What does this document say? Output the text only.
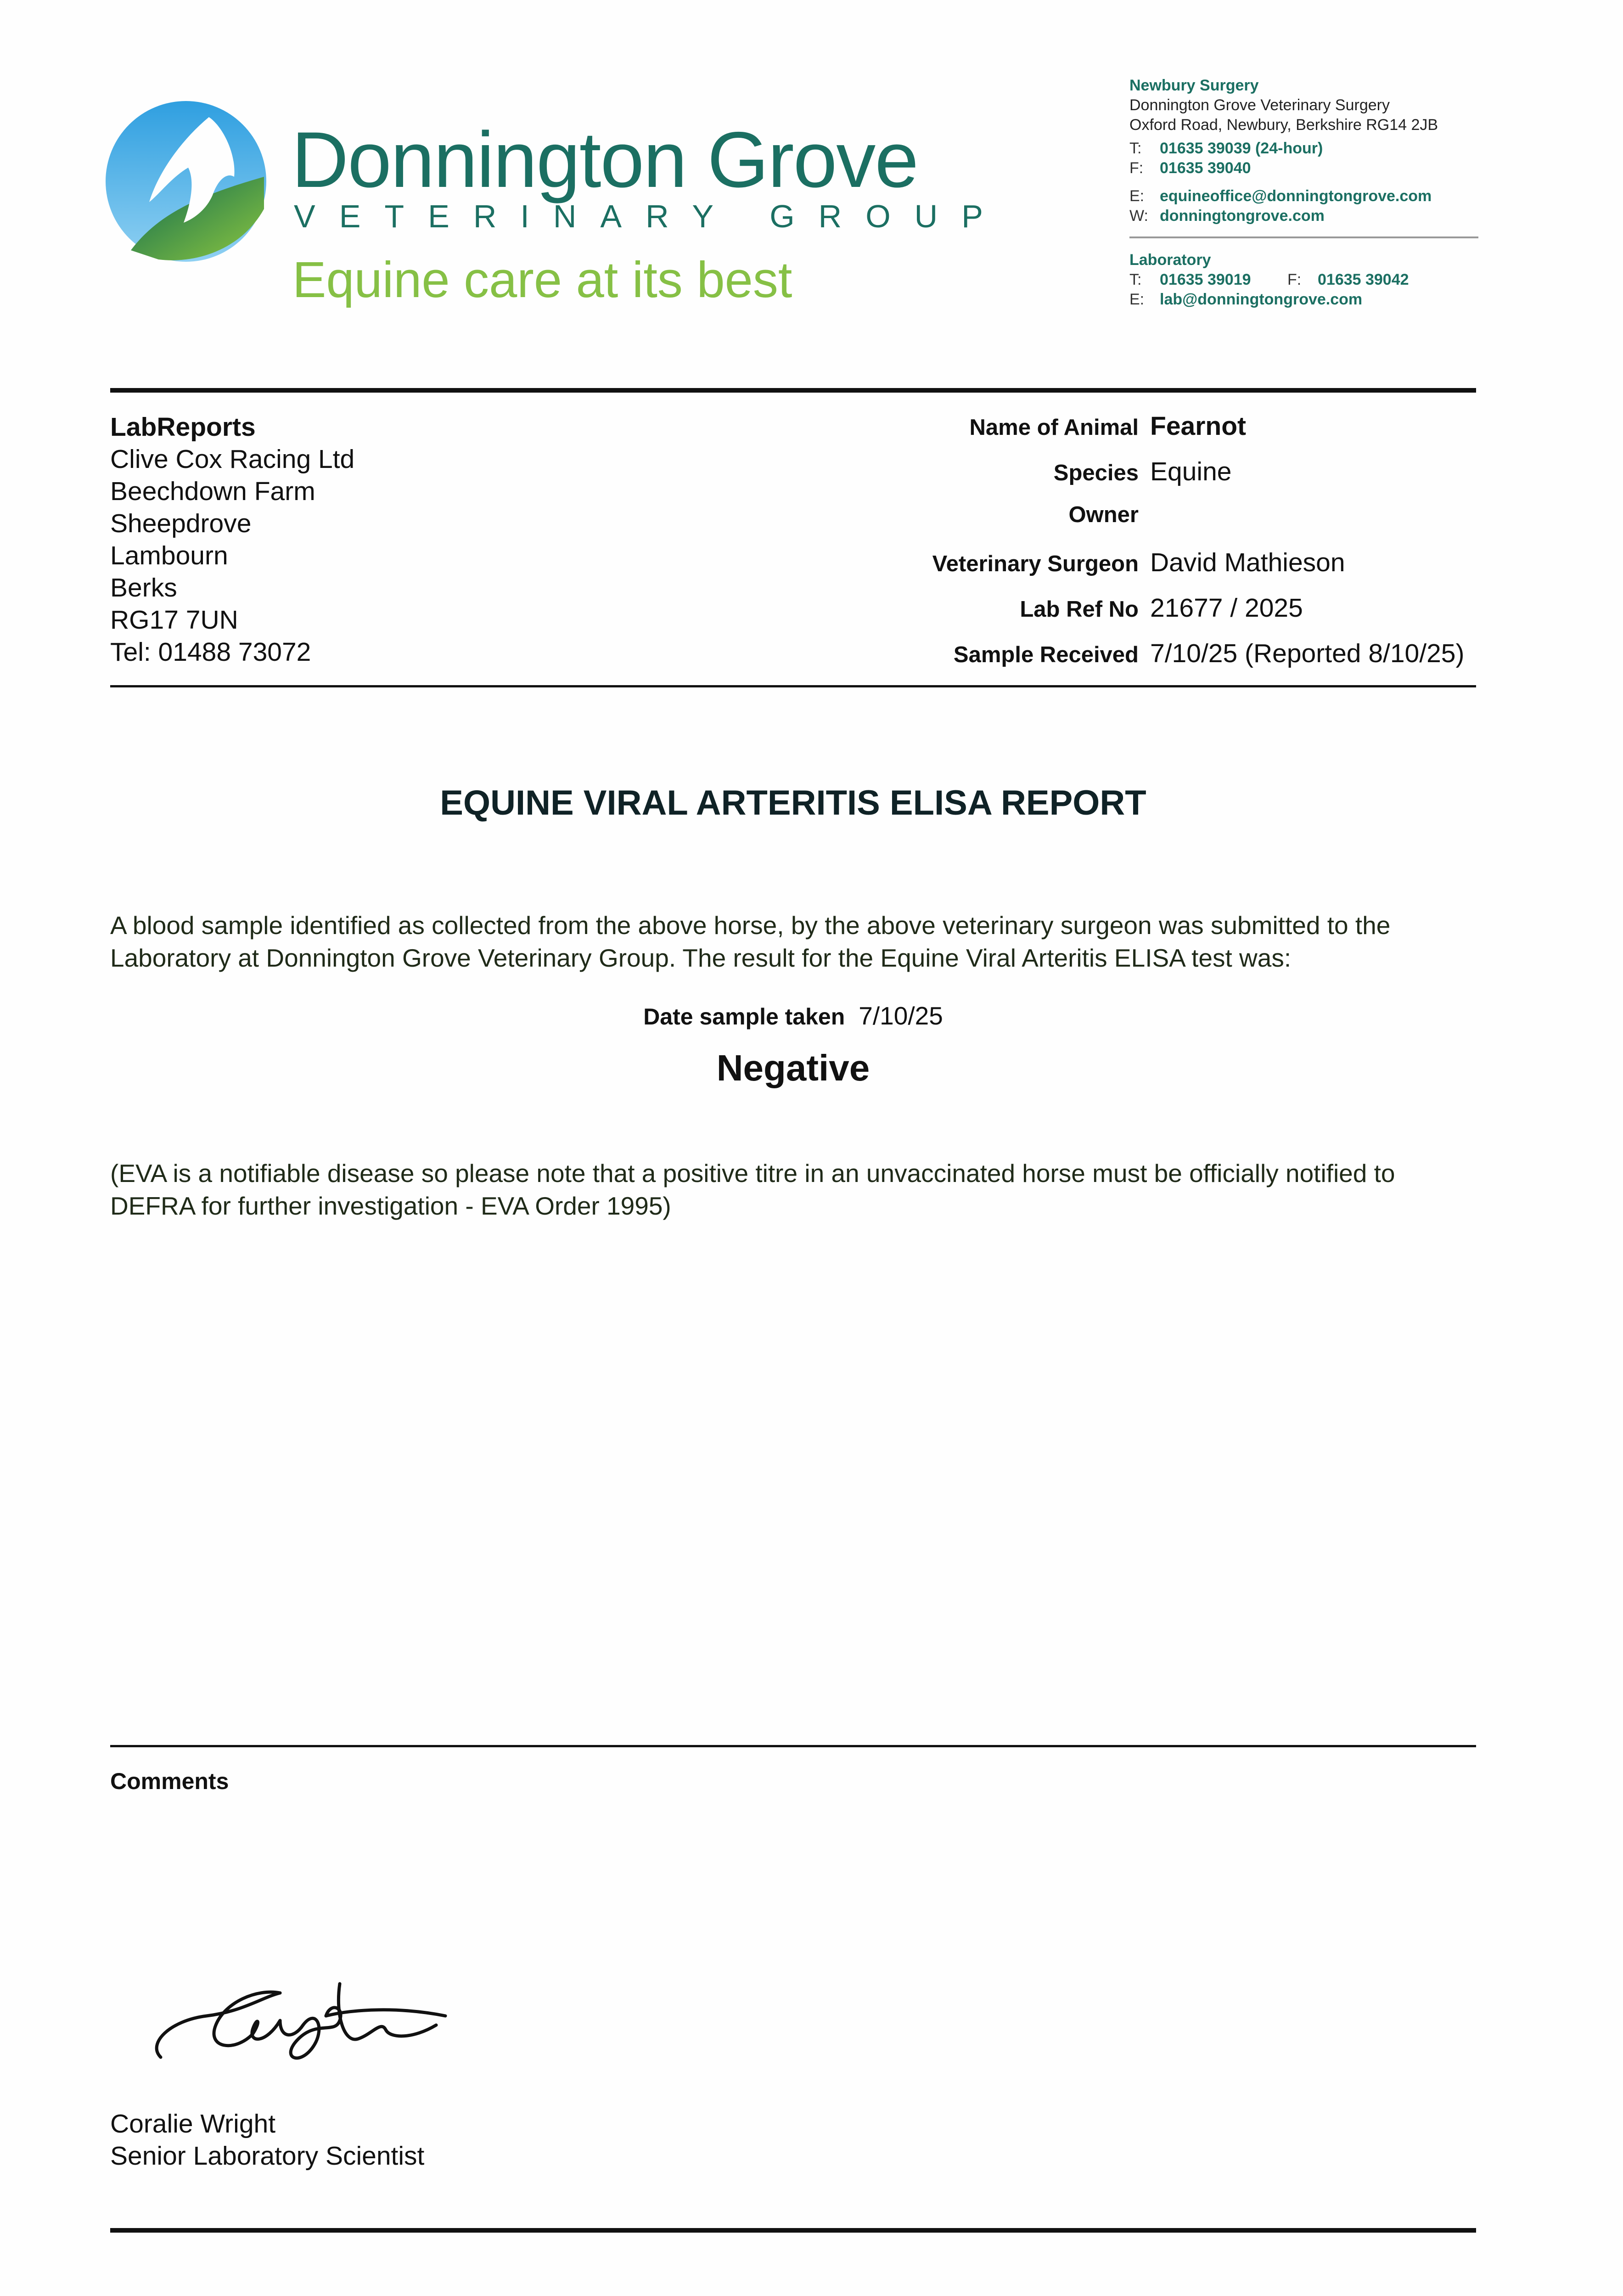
Donnington Grove
VETERINARY GROUP
Equine care at its best
Newbury Surgery
Donnington Grove Veterinary Surgery
Oxford Road, Newbury, Berkshire RG14 2JB
T: 01635 39039 (24-hour)
F: 01635 39040
E: equineoffice@donningtongrove.com
W: donningtongrove.com
Laboratory
T: 01635 39019 F: 01635 39042
E: lab@donningtongrove.com
LabReports
Clive Cox Racing Ltd
Beechdown Farm
Sheepdrove
Lambourn
Berks
RG17 7UN
Tel: 01488 73072
Name of Animal Fearnot
Species Equine
Owner
Veterinary Surgeon David Mathieson
Lab Ref No 21677 / 2025
Sample Received 7/10/25 (Reported 8/10/25)
EQUINE VIRAL ARTERITIS ELISA REPORT
A blood sample identified as collected from the above horse, by the above veterinary surgeon was submitted to the Laboratory at Donnington Grove Veterinary Group. The result for the Equine Viral Arteritis ELISA test was:
Date sample taken 7/10/25
Negative
(EVA is a notifiable disease so please note that a positive titre in an unvaccinated horse must be officially notified to DEFRA for further investigation - EVA Order 1995)
Comments
Coralie Wright
Senior Laboratory Scientist
